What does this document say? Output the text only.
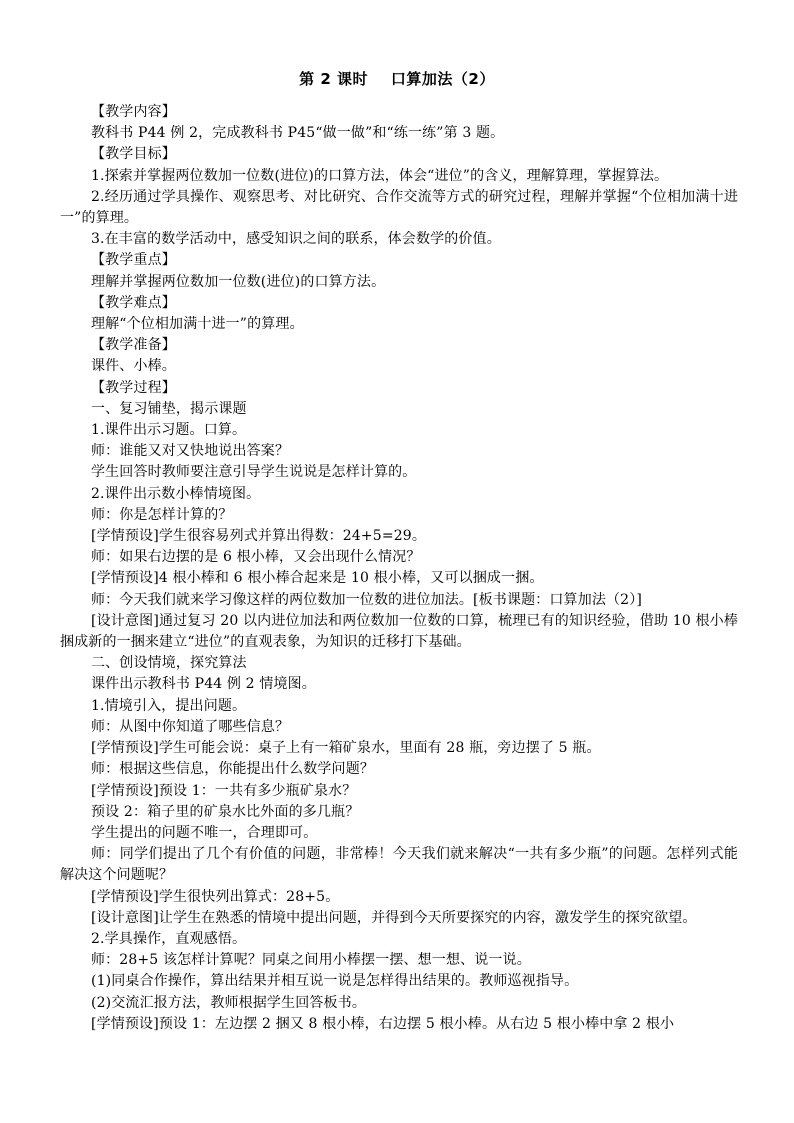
第 2 课时    口算加法（2）

【教学内容】

教科书 P44 例 2，完成教科书 P45“做一做”和“练一练”第 3 题。

【教学目标】

1.探索并掌握两位数加一位数(进位)的口算方法，体会“进位”的含义，理解算理，掌握算法。

2.经历通过学具操作、观察思考、对比研究、合作交流等方式的研究过程，理解并掌握“个位相加满十进一”的算理。

3.在丰富的数学活动中，感受知识之间的联系，体会数学的价值。

【教学重点】

理解并掌握两位数加一位数(进位)的口算方法。

【教学难点】

理解“个位相加满十进一”的算理。

【教学准备】

课件、小棒。

【教学过程】

一、复习铺垫，揭示课题

1.课件出示习题。口算。

师：谁能又对又快地说出答案？

学生回答时教师要注意引导学生说说是怎样计算的。

2.课件出示数小棒情境图。

师：你是怎样计算的？

[学情预设]学生很容易列式并算出得数：24+5=29。

师：如果右边摆的是 6 根小棒，又会出现什么情况？

[学情预设]4 根小棒和 6 根小棒合起来是 10 根小棒，又可以捆成一捆。

师：今天我们就来学习像这样的两位数加一位数的进位加法。[板书课题：口算加法（2）]

[设计意图]通过复习 20 以内进位加法和两位数加一位数的口算，梳理已有的知识经验，借助 10 根小棒捆成新的一捆来建立“进位”的直观表象，为知识的迁移打下基础。

二、创设情境，探究算法

课件出示教科书 P44 例 2 情境图。

1.情境引入，提出问题。

师：从图中你知道了哪些信息？

[学情预设]学生可能会说：桌子上有一箱矿泉水，里面有 28 瓶，旁边摆了 5 瓶。

师：根据这些信息，你能提出什么数学问题？

[学情预设]预设 1：一共有多少瓶矿泉水？

预设 2：箱子里的矿泉水比外面的多几瓶？

学生提出的问题不唯一，合理即可。

师：同学们提出了几个有价值的问题，非常棒！今天我们就来解决“一共有多少瓶”的问题。怎样列式能解决这个问题呢？

[学情预设]学生很快列出算式：28+5。

[设计意图]让学生在熟悉的情境中提出问题，并得到今天所要探究的内容，激发学生的探究欲望。

2.学具操作，直观感悟。

师：28+5 该怎样计算呢？同桌之间用小棒摆一摆、想一想、说一说。

(1)同桌合作操作，算出结果并相互说一说是怎样得出结果的。教师巡视指导。

(2)交流汇报方法，教师根据学生回答板书。

[学情预设]预设 1：左边摆 2 捆又 8 根小棒，右边摆 5 根小棒。从右边 5 根小棒中拿 2 根小
